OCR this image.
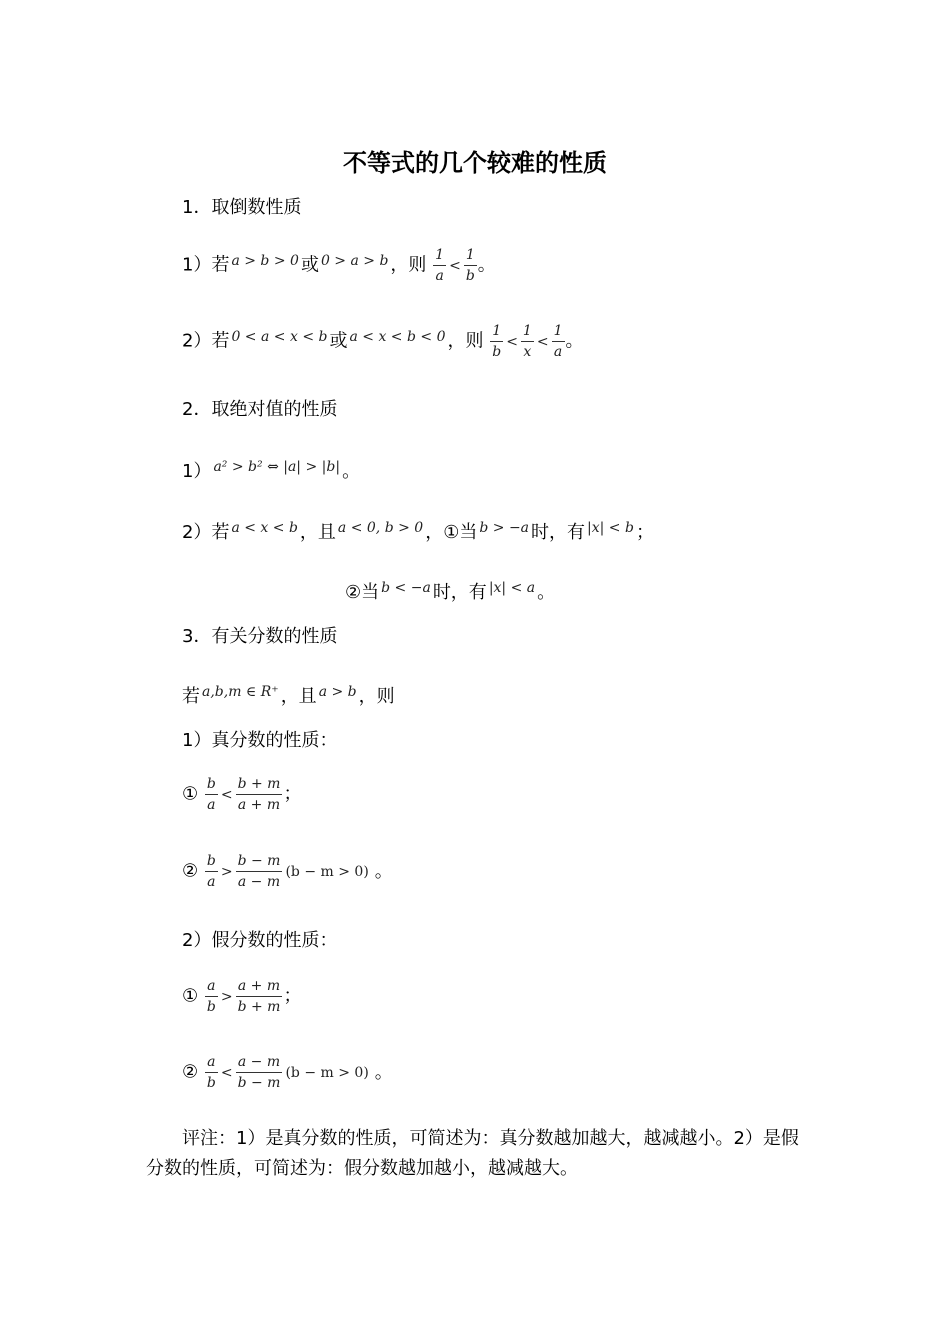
不等式的几个较难的性质
1．取倒数性质
1）若 a > b > 0 或 0 > a > b ，则 $\frac{1}{a} < \frac{1}{b}$ 。
2）若 0 < a < x < b 或 a < x < b < 0 ，则 $\frac{1}{b} < \frac{1}{x} < \frac{1}{a}$ 。
2．取绝对值的性质
1） a² > b² ⇔ |a| > |b| 。
2）若 a < x < b ，且 a < 0, b > 0 ，①当 b > −a 时，有 |x| < b ；
②当 b < −a 时，有 |x| < a 。
3．有关分数的性质
若 a,b,m ∈ R⁺ ，且 a > b ，则
1）真分数的性质：
① $\frac{b}{a} < \frac{b + m}{a + m}$ ；
② $\frac{b}{a} > \frac{b - m}{a - m} (b - m > 0)$ 。
2）假分数的性质：
① $\frac{a}{b} > \frac{a + m}{b + m}$ ；
② $\frac{a}{b} < \frac{a - m}{b - m} (b - m > 0)$ 。
评注：1）是真分数的性质，可简述为：真分数越加越大，越减越小。2）是假分数的性质，可简述为：假分数越加越小，越减越大。
